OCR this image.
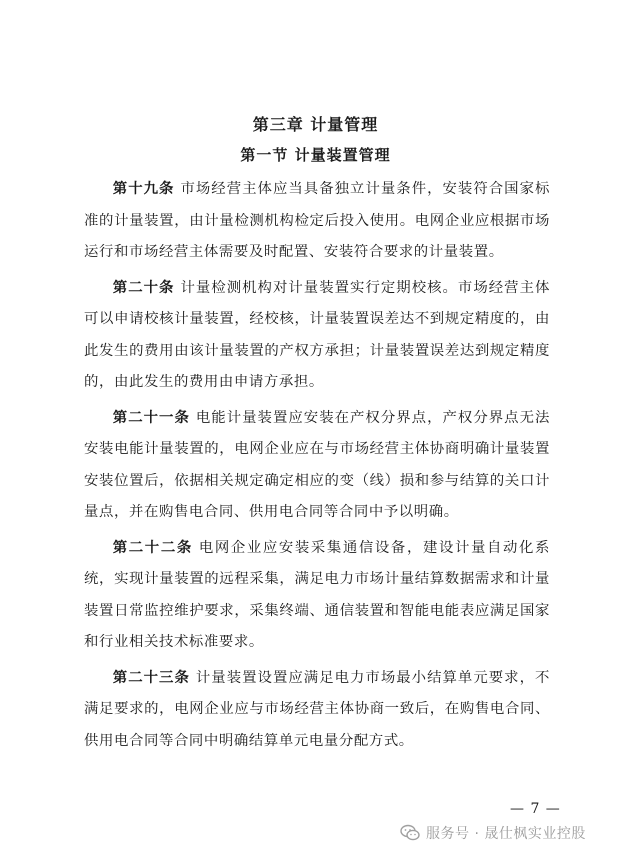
第三章 计量管理
第一节 计量装置管理

第十九条 市场经营主体应当具备独立计量条件，安装符合国家标准的计量装置，由计量检测机构检定后投入使用。电网企业应根据市场运行和市场经营主体需要及时配置、安装符合要求的计量装置。

第二十条 计量检测机构对计量装置实行定期校核。市场经营主体可以申请校核计量装置，经校核，计量装置误差达不到规定精度的，由此发生的费用由该计量装置的产权方承担；计量装置误差达到规定精度的，由此发生的费用由申请方承担。

第二十一条 电能计量装置应安装在产权分界点，产权分界点无法安装电能计量装置的，电网企业应在与市场经营主体协商明确计量装置安装位置后，依据相关规定确定相应的变（线）损和参与结算的关口计量点，并在购售电合同、供用电合同等合同中予以明确。

第二十二条 电网企业应安装采集通信设备，建设计量自动化系统，实现计量装置的远程采集，满足电力市场计量结算数据需求和计量装置日常监控维护要求，采集终端、通信装置和智能电能表应满足国家和行业相关技术标准要求。

第二十三条 计量装置设置应满足电力市场最小结算单元要求，不满足要求的，电网企业应与市场经营主体协商一致后，在购售电合同、供用电合同等合同中明确结算单元电量分配方式。

— 7 —
服务号 · 晟仕枫实业控股
